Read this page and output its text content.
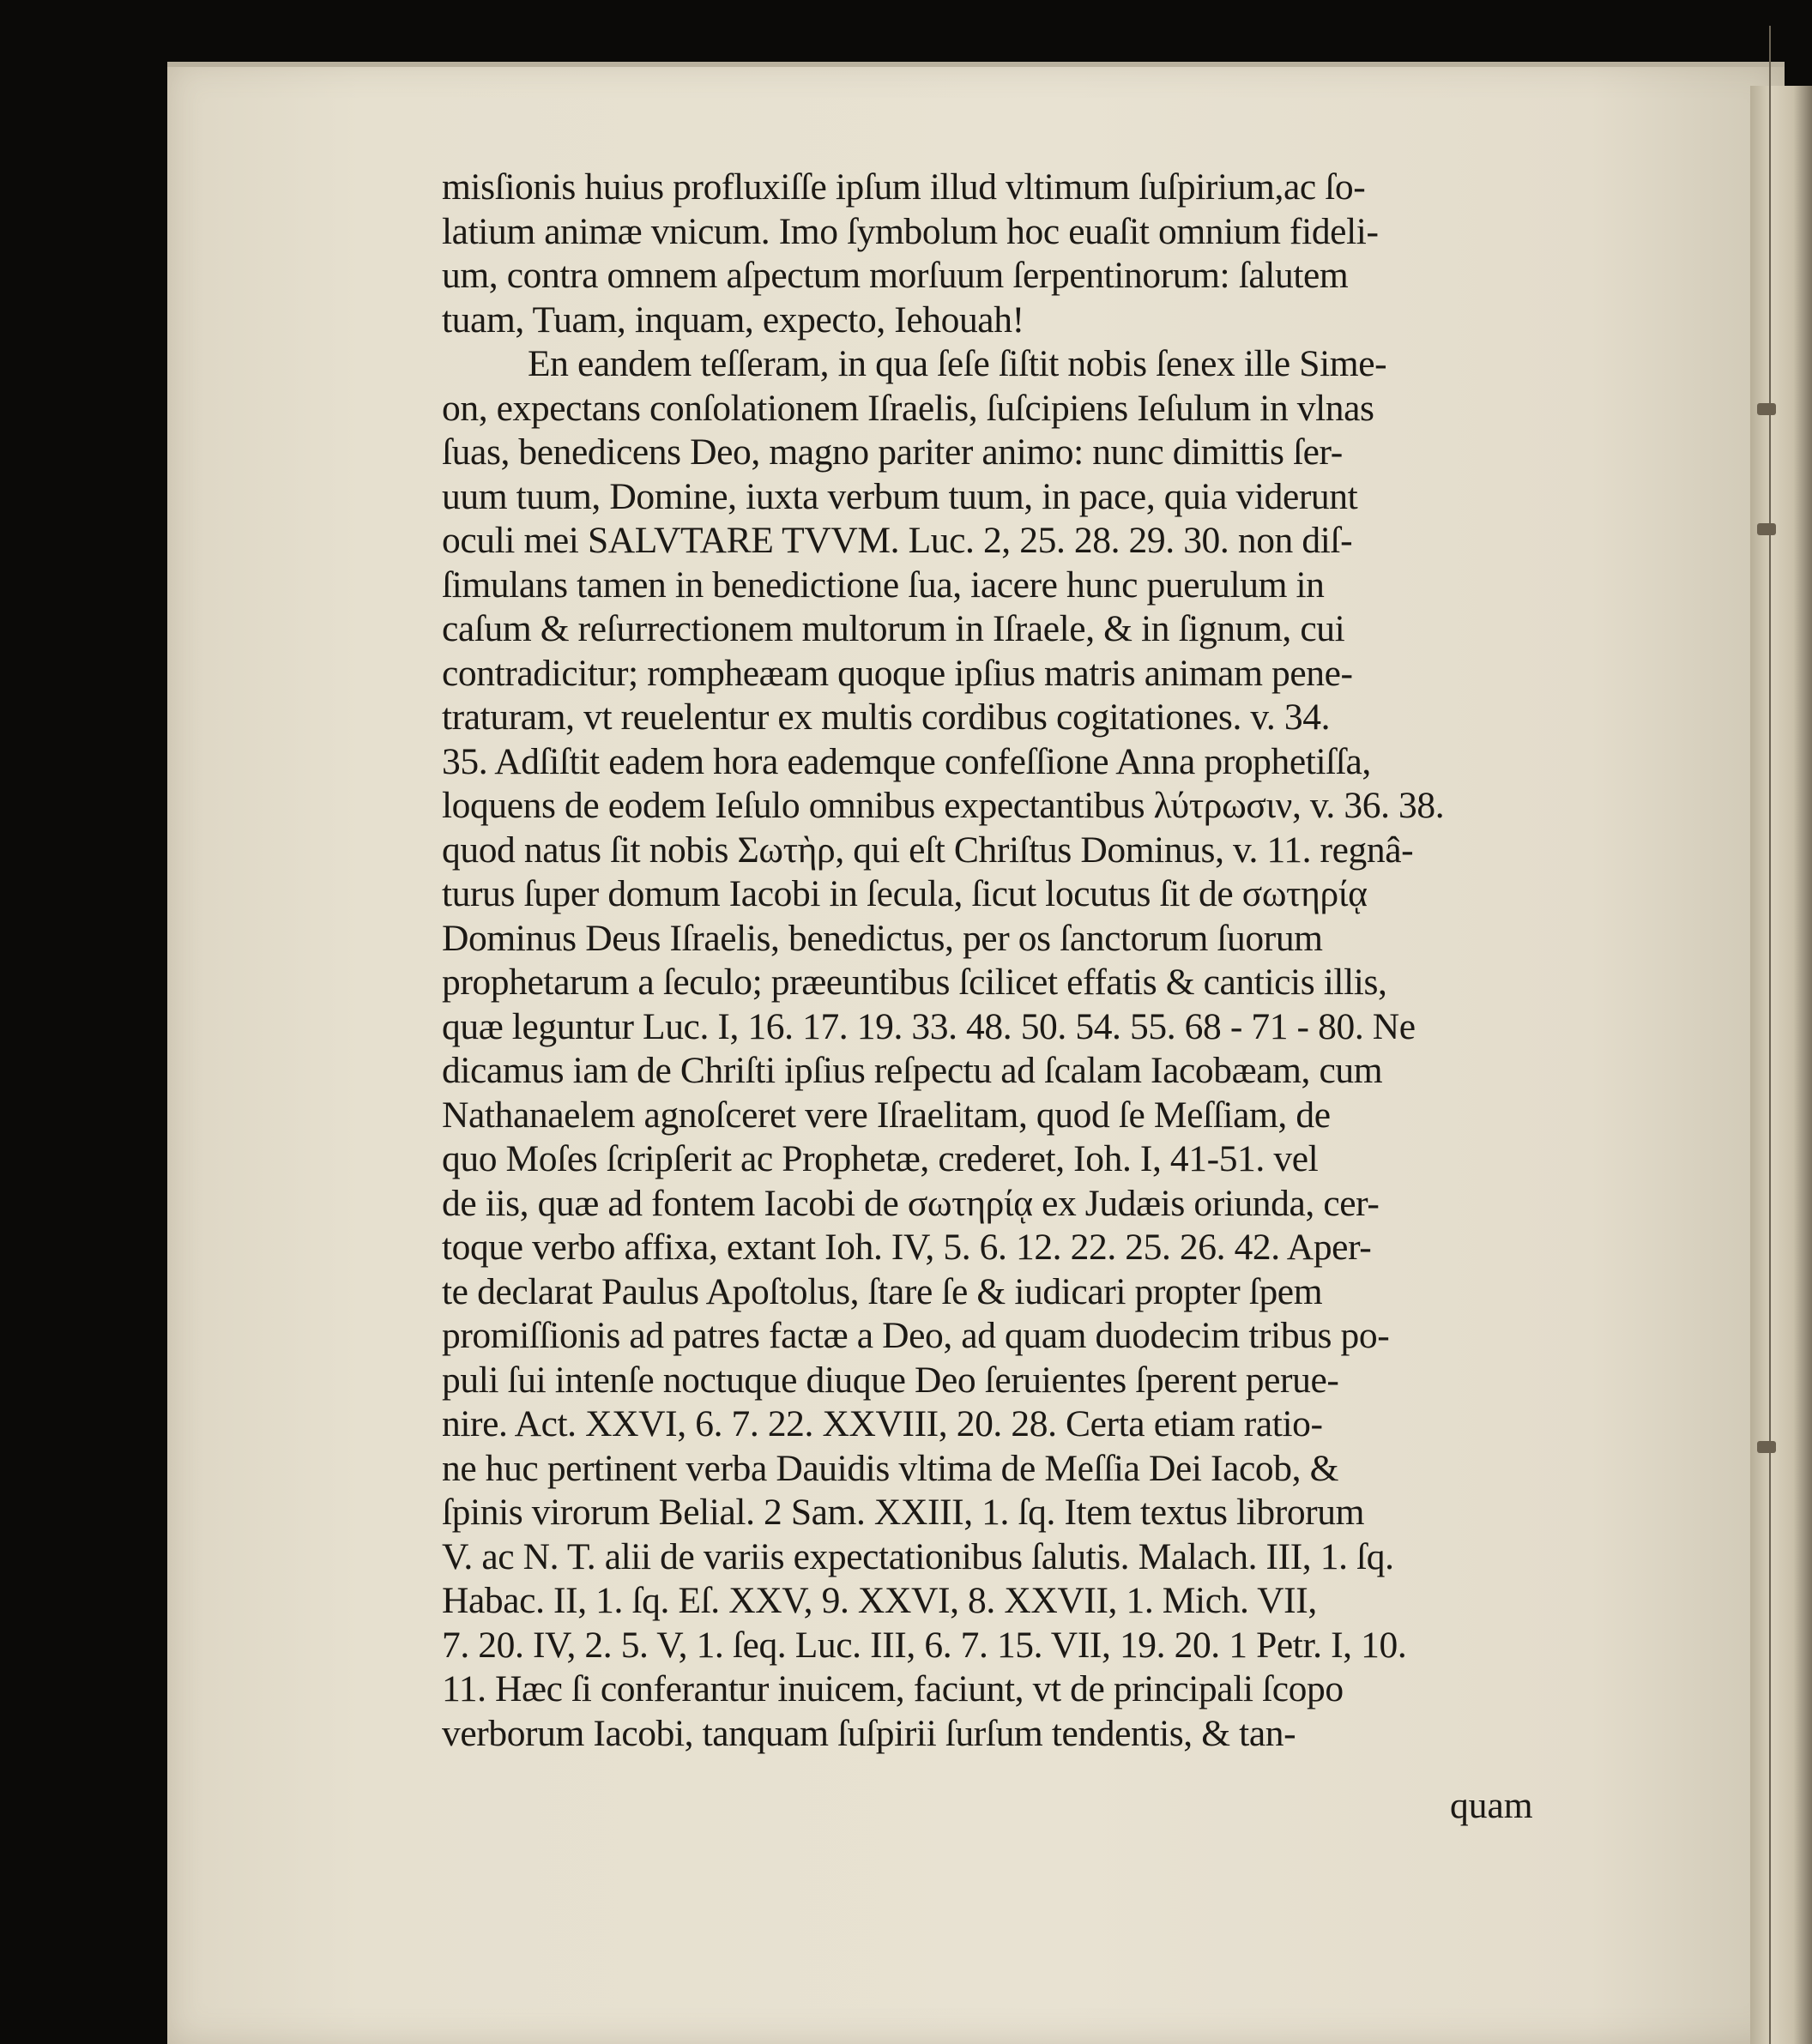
misſionis huius profluxiſſe ipſum illud vltimum ſuſpirium,ac ſo-
latium animæ vnicum. Imo ſymbolum hoc euaſit omnium fideli-
um, contra omnem aſpectum morſuum ſerpentinorum: ſalutem
tuam, Tuam, inquam, expecto, Iehouah!
En eandem teſſeram, in qua ſeſe ſiſtit nobis ſenex ille Sime-
on, expectans conſolationem Iſraelis, ſuſcipiens Ieſulum in vlnas
ſuas, benedicens Deo, magno pariter animo: nunc dimittis ſer-
uum tuum, Domine, iuxta verbum tuum, in pace, quia viderunt
oculi mei SALVTARE TVVM. Luc. 2, 25. 28. 29. 30. non diſ-
ſimulans tamen in benedictione ſua, iacere hunc puerulum in
caſum & reſurrectionem multorum in Iſraele, & in ſignum, cui
contradicitur; rompheæam quoque ipſius matris animam pene-
traturam, vt reuelentur ex multis cordibus cogitationes. v. 34.
35. Adſiſtit eadem hora eademque confeſſione Anna prophetiſſa,
loquens de eodem Ieſulo omnibus expectantibus λύτρωσιν, v. 36. 38.
quod natus ſit nobis Σωτὴρ, qui eſt Chriſtus Dominus, v. 11. regnâ-
turus ſuper domum Iacobi in ſecula, ſicut locutus ſit de σωτηρίᾳ
Dominus Deus Iſraelis, benedictus, per os ſanctorum ſuorum
prophetarum a ſeculo; præeuntibus ſcilicet effatis & canticis illis,
quæ leguntur Luc. I, 16. 17. 19. 33. 48. 50. 54. 55. 68 - 71 - 80. Ne
dicamus iam de Chriſti ipſius reſpectu ad ſcalam Iacobæam, cum
Nathanaelem agnoſceret vere Iſraelitam, quod ſe Meſſiam, de
quo Moſes ſcripſerit ac Prophetæ, crederet, Ioh. I, 41-51. vel
de iis, quæ ad fontem Iacobi de σωτηρίᾳ ex Judæis oriunda, cer-
toque verbo affixa, extant Ioh. IV, 5. 6. 12. 22. 25. 26. 42. Aper-
te declarat Paulus Apoſtolus, ſtare ſe & iudicari propter ſpem
promiſſionis ad patres factæ a Deo, ad quam duodecim tribus po-
puli ſui intenſe noctuque diuque Deo ſeruientes ſperent perue-
nire. Act. XXVI, 6. 7. 22. XXVIII, 20. 28. Certa etiam ratio-
ne huc pertinent verba Dauidis vltima de Meſſia Dei Iacob, &
ſpinis virorum Belial. 2 Sam. XXIII, 1. ſq. Item textus librorum
V. ac N. T. alii de variis expectationibus ſalutis. Malach. III, 1. ſq.
Habac. II, 1. ſq. Eſ. XXV, 9. XXVI, 8. XXVII, 1. Mich. VII,
7. 20. IV, 2. 5. V, 1. ſeq. Luc. III, 6. 7. 15. VII, 19. 20. 1 Petr. I, 10.
11. Hæc ſi conferantur inuicem, faciunt, vt de principali ſcopo
verborum Iacobi, tanquam ſuſpirii ſurſum tendentis, & tan-
quam
